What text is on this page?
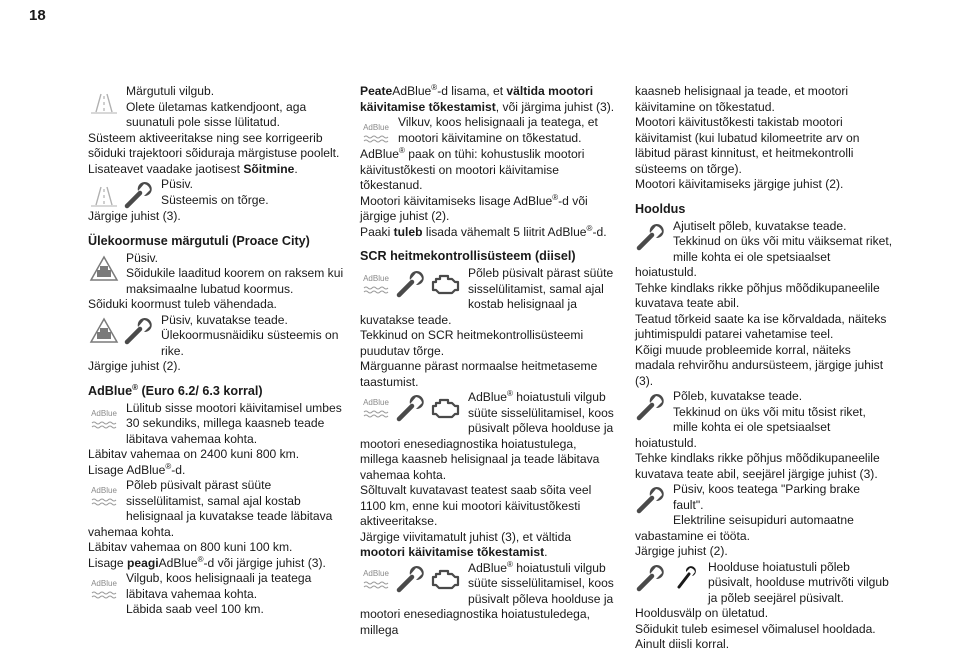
18

Märgutuli vilgub.

Olete ületamas katkendjoont, aga suunatuli pole sisse lülitatud.

Süsteem aktiveeritakse ning see korrigeerib sõiduki trajektoori sõiduraja märgistuse poolelt.

Lisateavet vaadake jaotisest Sõitmine.

Püsiv.

Süsteemis on tõrge.

Järgige juhist (3).

Ülekoormuse märgutuli (Proace City)

Püsiv.

Sõidukile laaditud koorem on raksem kui maksimaalne lubatud koormus.

Sõiduki koormust tuleb vähendada.

Püsiv, kuvatakse teade.

Ülekoormusnäidiku süsteemis on rike.

Järgige juhist (2).

AdBlue® (Euro 6.2/ 6.3 korral)

Lülitub sisse mootori käivitamisel umbes 30 sekundiks, millega kaasneb teade läbitava vahemaa kohta.

Läbitav vahemaa on 2400 kuni 800 km.

Lisage AdBlue®-d.

Põleb püsivalt pärast süüte sisselülitamist, samal ajal kostab helisignaal ja kuvatakse teade läbitava vahemaa kohta.

Läbitav vahemaa on 800 kuni 100 km.

Lisage peagiAdBlue®-d või järgige juhist (3).

Vilgub, koos helisignaali ja teatega läbitava vahemaa kohta.

Läbida saab veel 100 km.

PeateAdBlue®-d lisama, et vältida mootori käivitamise tõkestamist, või järgima juhist (3).

Vilkuv, koos helisignaali ja teatega, et mootori käivitamine on tõkestatud.

AdBlue® paak on tühi: kohustuslik mootori käivitustõkesti on mootori käivitamise tõkestanud.

Mootori käivitamiseks lisage AdBlue®-d või järgige juhist (2).

Paaki tuleb lisada vähemalt 5 liitrit AdBlue®-d.

SCR heitmekontrollisüsteem (diisel)

Põleb püsivalt pärast süüte sisselülitamist, samal ajal kostab helisignaal ja kuvatakse teade.

Tekkinud on SCR heitmekontrollisüsteemi puudutav tõrge.

Märguanne pärast normaalse heitmetaseme taastumist.

AdBlue® hoiatustuli vilgub süüte sisselülitamisel, koos püsivalt põleva hoolduse ja mootori enesediagnostika hoiatustulega, millega kaasneb helisignaal ja teade läbitava vahemaa kohta.

Sõltuvalt kuvatavast teatest saab sõita veel 1100 km, enne kui mootori käivitustõkesti aktiveeritakse.

Järgige viivitamatult juhist (3), et vältida mootori käivitamise tõkestamist.

AdBlue® hoiatustuli vilgub süüte sisselülitamisel, koos püsivalt põleva hoolduse ja mootori enesediagnostika hoiatustuledega, millega

kaasneb helisignaal ja teade, et mootori käivitamine on tõkestatud.

Mootori käivitustõkesti takistab mootori käivitamist (kui lubatud kilomeetrite arv on läbitud pärast kinnitust, et heitmekontrolli süsteems on tõrge).

Mootori käivitamiseks järgige juhist (2).

Hooldus

Ajutiselt põleb, kuvatakse teade.

Tekkinud on üks või mitu väiksemat riket, mille kohta ei ole spetsiaalset hoiatustuld.

Tehke kindlaks rikke põhjus mõõdikupaneelile kuvatava teate abil.

Teatud tõrkeid saate ka ise kõrvaldada, näiteks juhtimispuldi patarei vahetamise teel.

Kõigi muude probleemide korral, näiteks madala rehvirõhu andursüsteem, järgige juhist (3).

Põleb, kuvatakse teade.

Tekkinud on üks või mitu tõsist riket, mille kohta ei ole spetsiaalset hoiatustuld.

Tehke kindlaks rikke põhjus mõõdikupaneelile kuvatava teate abil, seejärel järgige juhist (3).

Püsiv, koos teatega "Parking brake fault".

Elektriline seisupiduri automaatne vabastamine ei tööta.

Järgige juhist (2).

Hoolduse hoiatustuli põleb püsivalt, hoolduse mutrivõti vilgub ja põleb seejärel püsivalt.

Hooldusvälp on ületatud.

Sõidukit tuleb esimesel võimalusel hooldada.

Ainult diisli korral.
